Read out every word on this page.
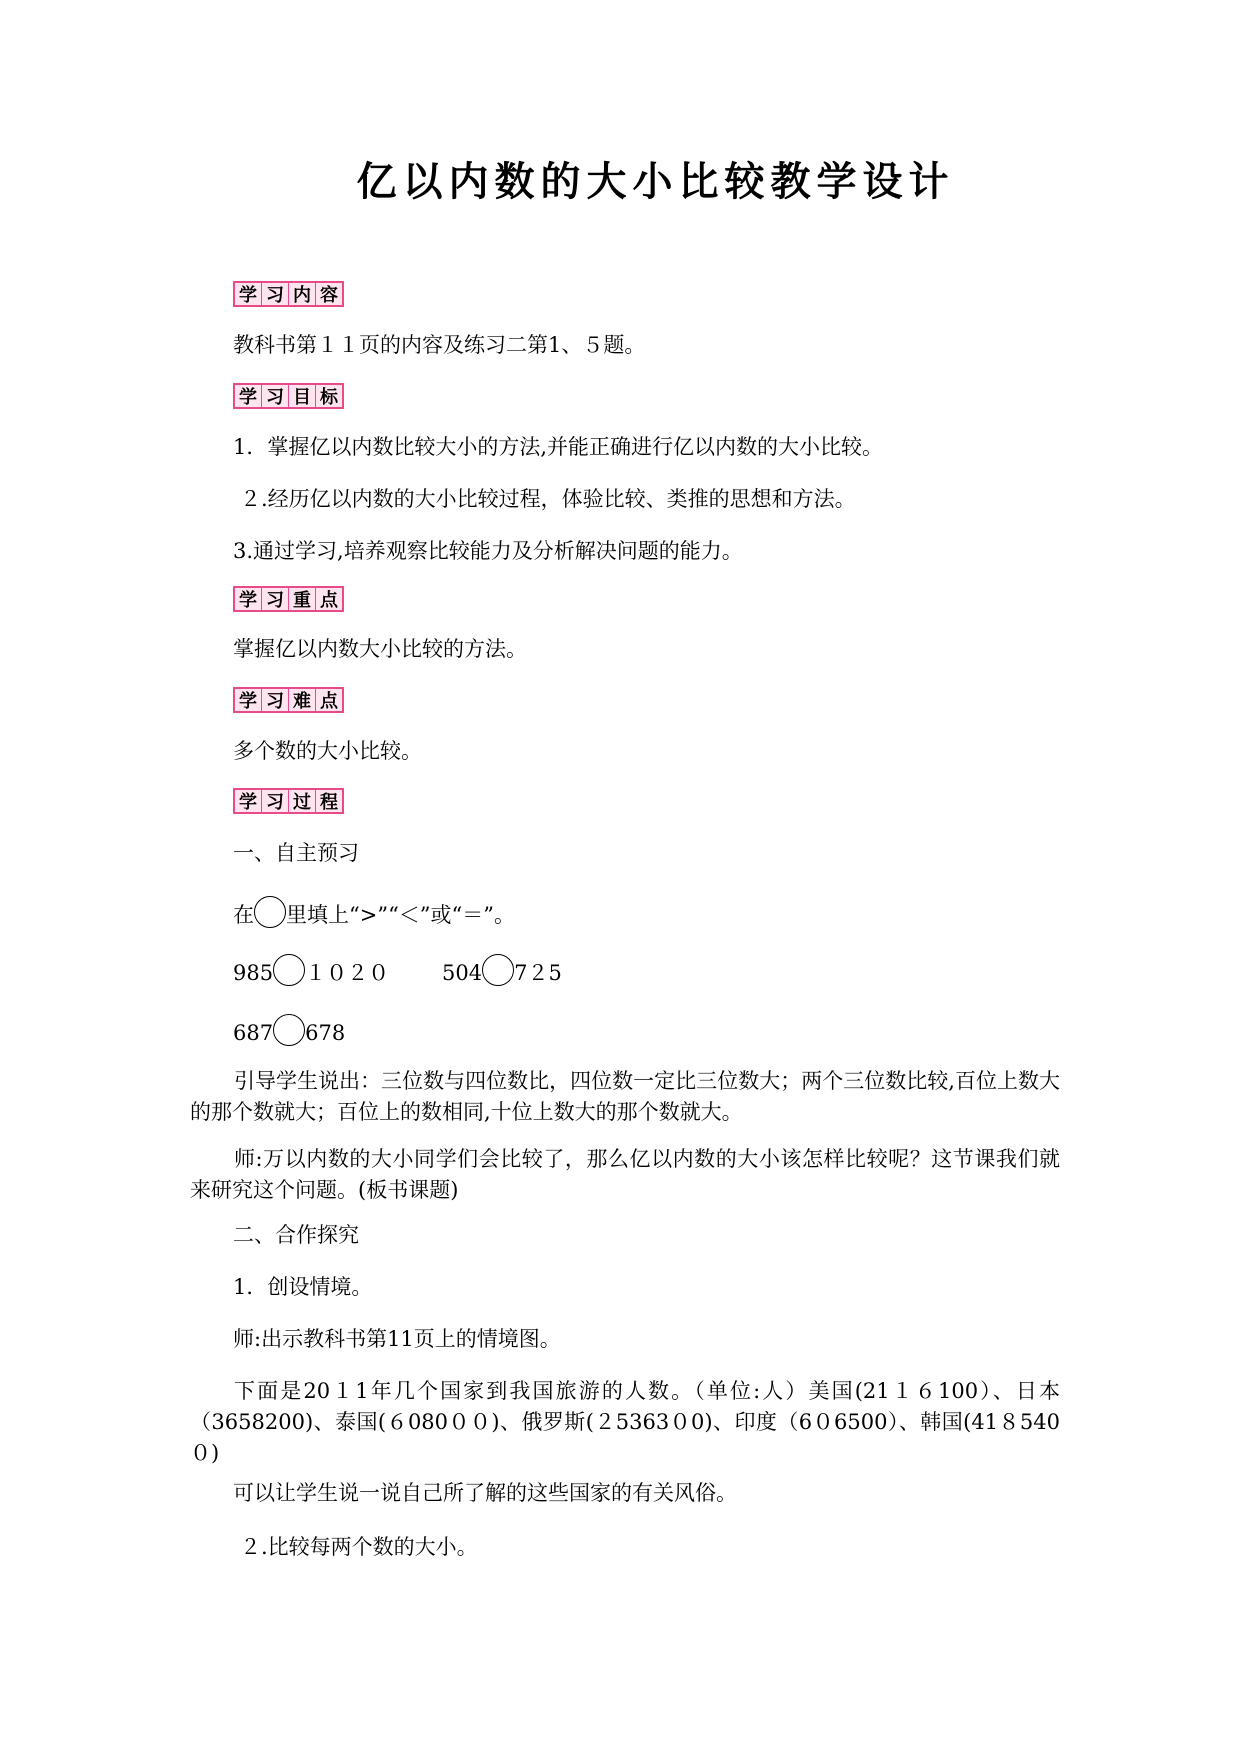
亿以内数的大小比较教学设计
学 习 内 容

教科书第１１页的内容及练习二第1、５题。

学 习 目 标

1．掌握亿以内数比较大小的方法,并能正确进行亿以内数的大小比较。

２.经历亿以内数的大小比较过程，体验比较、类推的思想和方法。

3.通过学习,培养观察比较能力及分析解决问题的能力。

学 习 重 点

掌握亿以内数大小比较的方法。

学 习 难 点

多个数的大小比较。

学 习 过 程

一、自主预习

在 里填上“>”“＜”或“＝”。

985 １０２０	504 7２5

687 678

引导学生说出：三位数与四位数比，四位数一定比三位数大；两个三位数比较,百位上数大的那个数就大；百位上的数相同,十位上数大的那个数就大。

师:万以内数的大小同学们会比较了，那么亿以内数的大小该怎样比较呢？这节课我们就来研究这个问题。(板书课题)

二、合作探究

1．创设情境。

师:出示教科书第11页上的情境图。

下面是20１1年几个国家到我国旅游的人数。（单位:人）美国(21１６100）、日本（3658200)、泰国(６080００)、俄罗斯(２5363０0)、印度（6０6500）、韩国(41８540０)

可以让学生说一说自己所了解的这些国家的有关风俗。

２.比较每两个数的大小。
